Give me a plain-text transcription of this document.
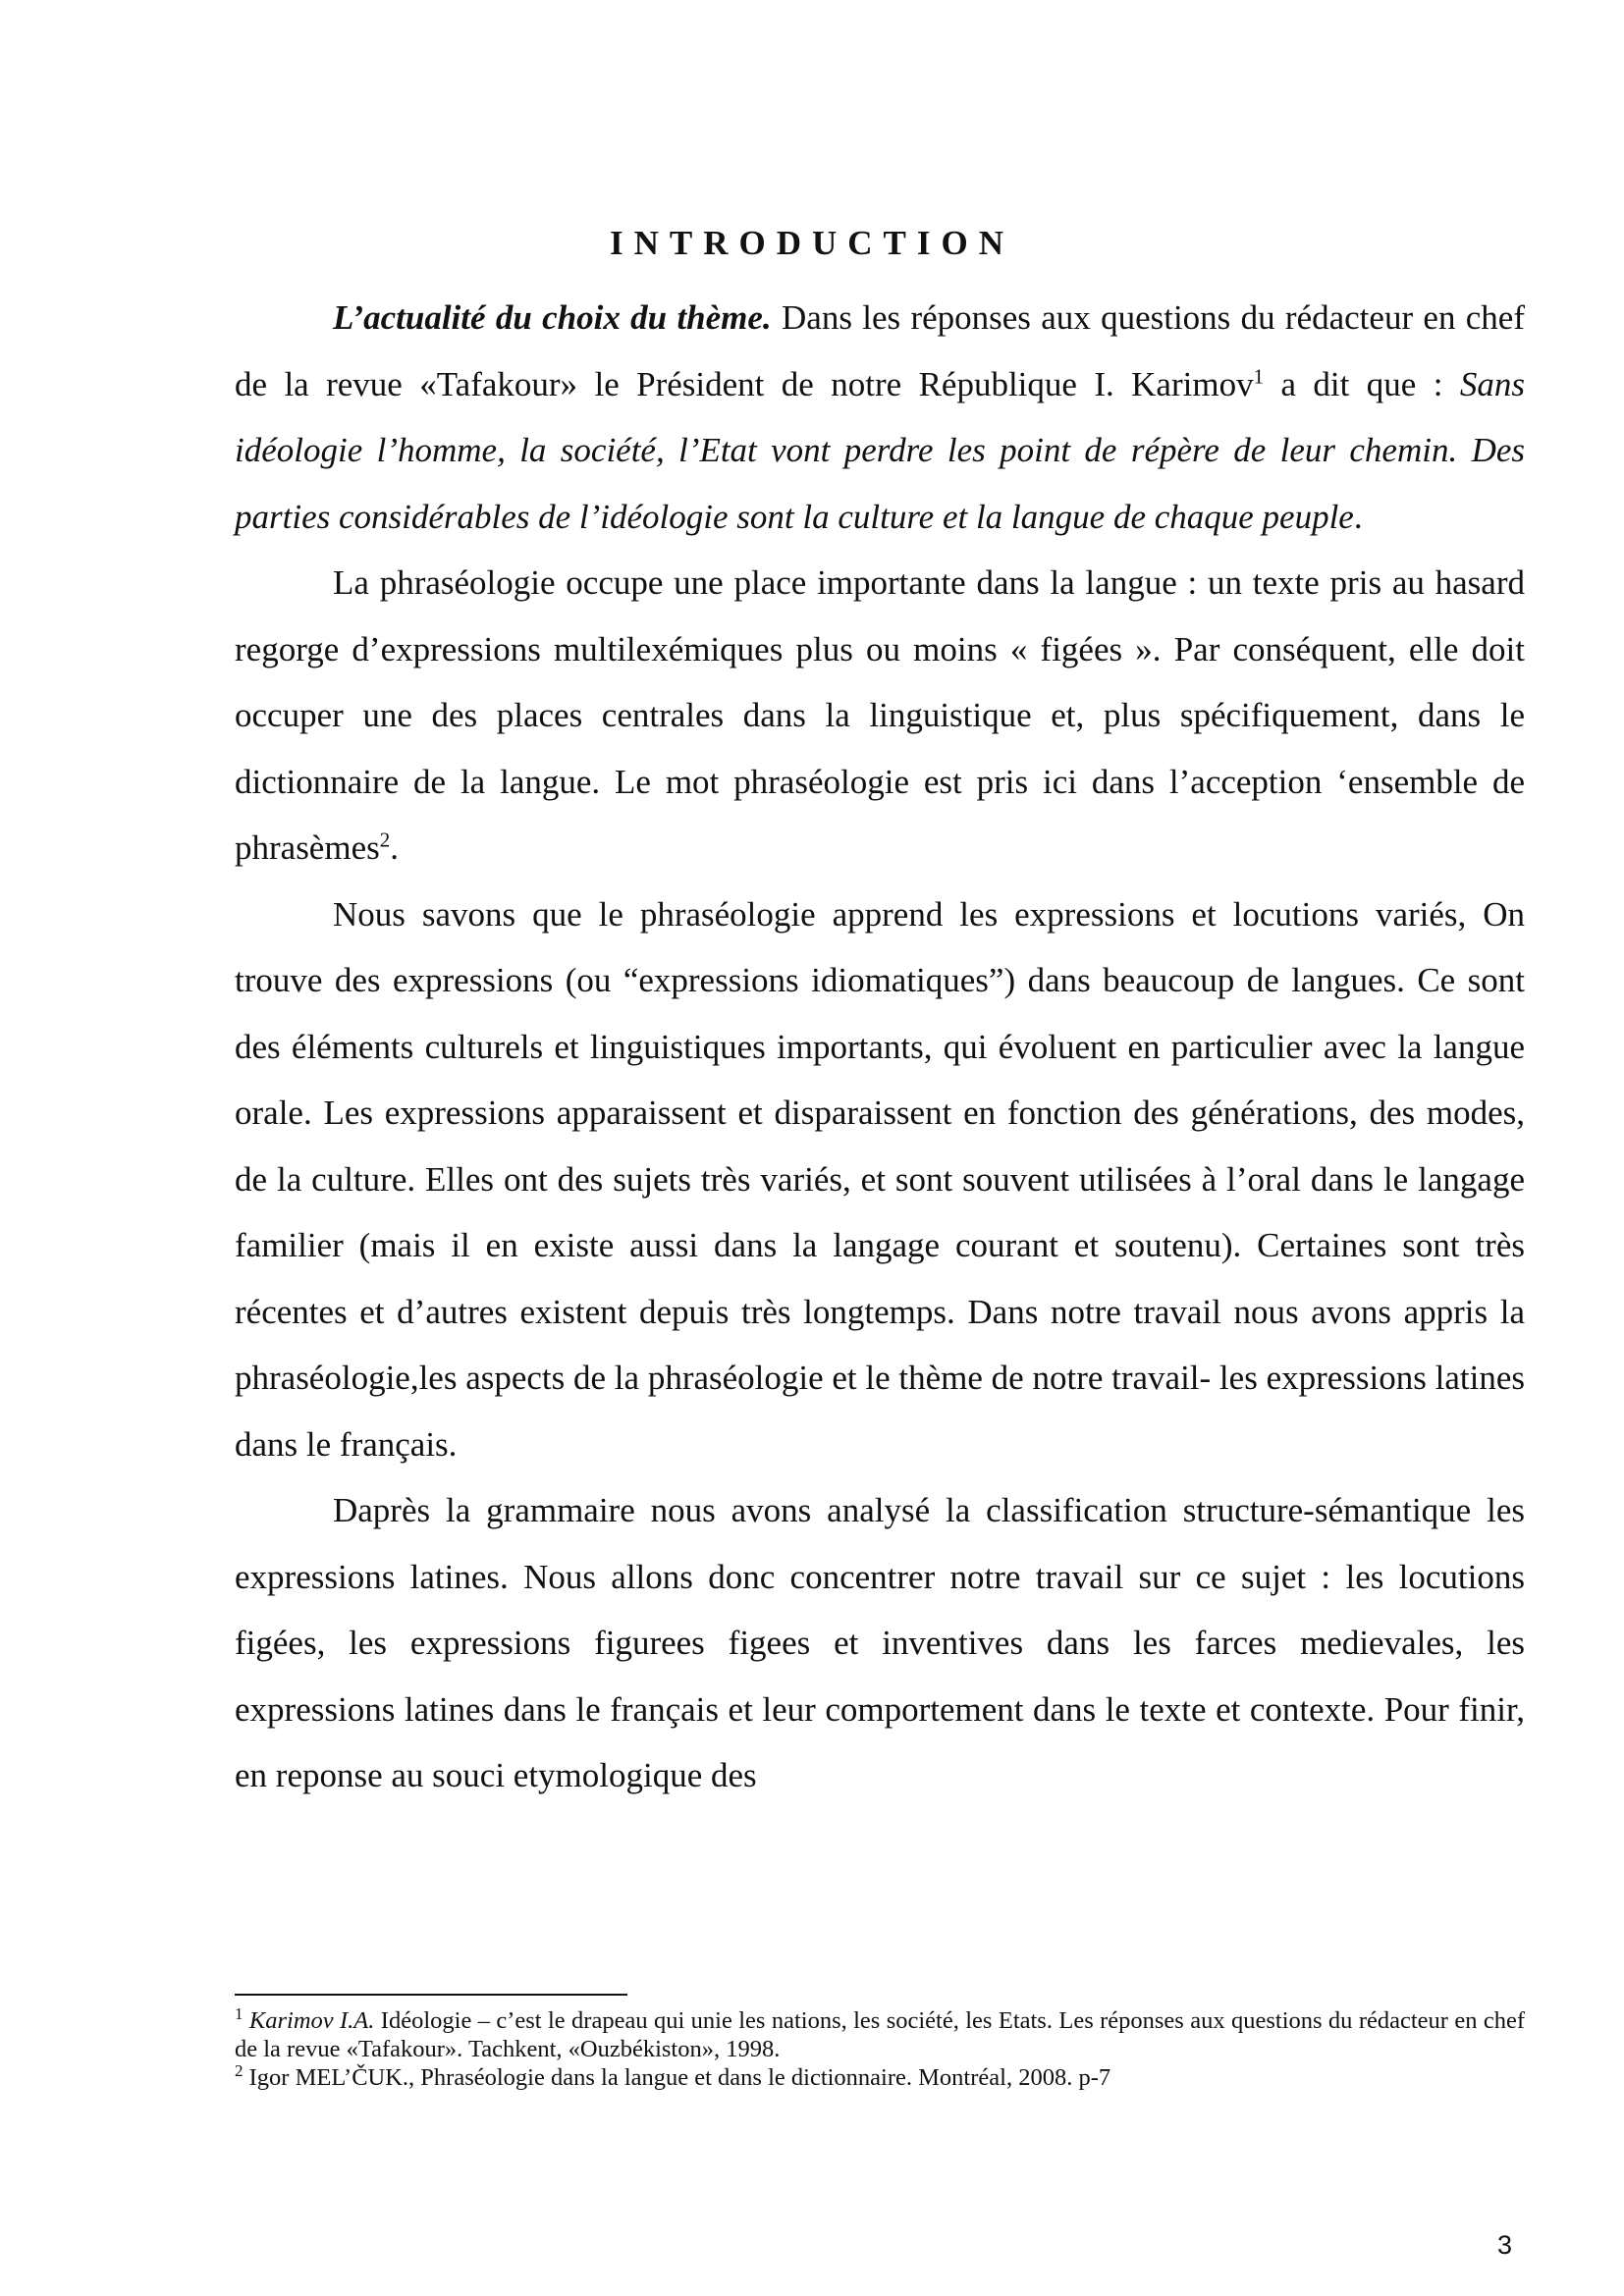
INTRODUCTION

L’actualité du choix du thème. Dans les réponses aux questions du rédacteur en chef de la revue «Tafakour» le Président de notre République I. Karimov$^1$ a dit que : Sans idéologie l’homme, la société, l’Etat vont perdre les point de répère de leur chemin. Des parties considérables de l’idéologie sont la culture et la langue de chaque peuple.

La phraséologie occupe une place importante dans la langue : un texte pris au hasard regorge d’expressions multilexémiques plus ou moins « figées ». Par conséquent, elle doit occuper une des places centrales dans la linguistique et, plus spécifiquement, dans le dictionnaire de la langue. Le mot phraséologie est pris ici dans l’acception ‘ensemble de phrasèmes$^2$.

Nous savons que le phraséologie apprend les expressions et locutions variés, On trouve des expressions (ou “expressions idiomatiques”) dans beaucoup de langues. Ce sont des éléments culturels et linguistiques importants, qui évoluent en particulier avec la langue orale. Les expressions apparaissent et disparaissent en fonction des générations, des modes, de la culture. Elles ont des sujets très variés, et sont souvent utilisées à l’oral dans le langage familier (mais il en existe aussi dans la langage courant et soutenu). Certaines sont très récentes et d’autres existent depuis très longtemps. Dans notre travail nous avons appris la phraséologie,les aspects de la phraséologie et le thème de notre travail- les expressions latines dans le français.

Daprès la grammaire nous avons analysé la classification structure-sémantique les expressions latines. Nous allons donc concentrer notre travail sur ce sujet : les locutions figées, les expressions figurees figees et inventives dans les farces medievales, les expressions latines dans le français et leur comportement dans le texte et contexte. Pour finir, en reponse au souci etymologique des

$^1$ Karimov I.A. Idéologie – c’est le drapeau qui unie les nations, les société, les Etats. Les réponses aux questions du rédacteur en chef de la revue «Tafakour». Tachkent, «Ouzbékiston», 1998.

$^2$ Igor MEL’ČUK., Phraséologie dans la langue et dans le dictionnaire. Montréal, 2008. p-7

3
